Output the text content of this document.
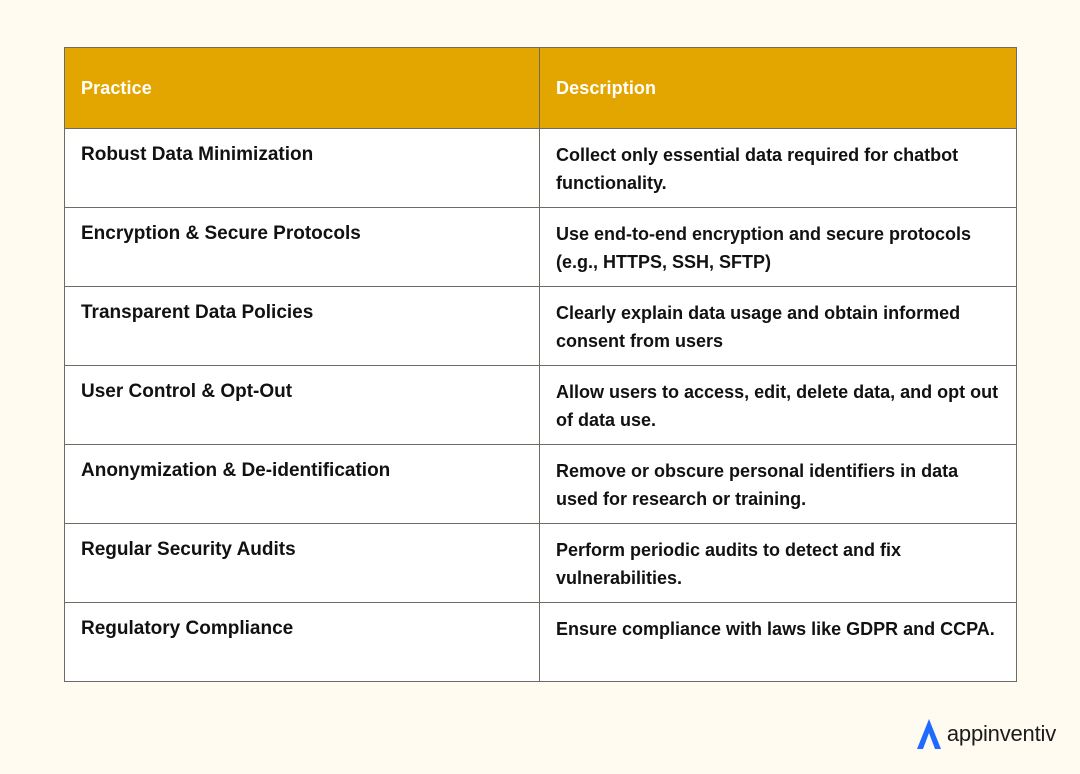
Practice	Description
Robust Data Minimization	Collect only essential data required for chatbot functionality.
Encryption & Secure Protocols	Use end-to-end encryption and secure protocols (e.g., HTTPS, SSH, SFTP)
Transparent Data Policies	Clearly explain data usage and obtain informed consent from users
User Control & Opt-Out	Allow users to access, edit, delete data, and opt out of data use.
Anonymization & De-identification	Remove or obscure personal identifiers in data used for research or training.
Regular Security Audits	Perform periodic audits to detect and fix vulnerabilities.
Regulatory Compliance	Ensure compliance with laws like GDPR and CCPA.
appinventiv
